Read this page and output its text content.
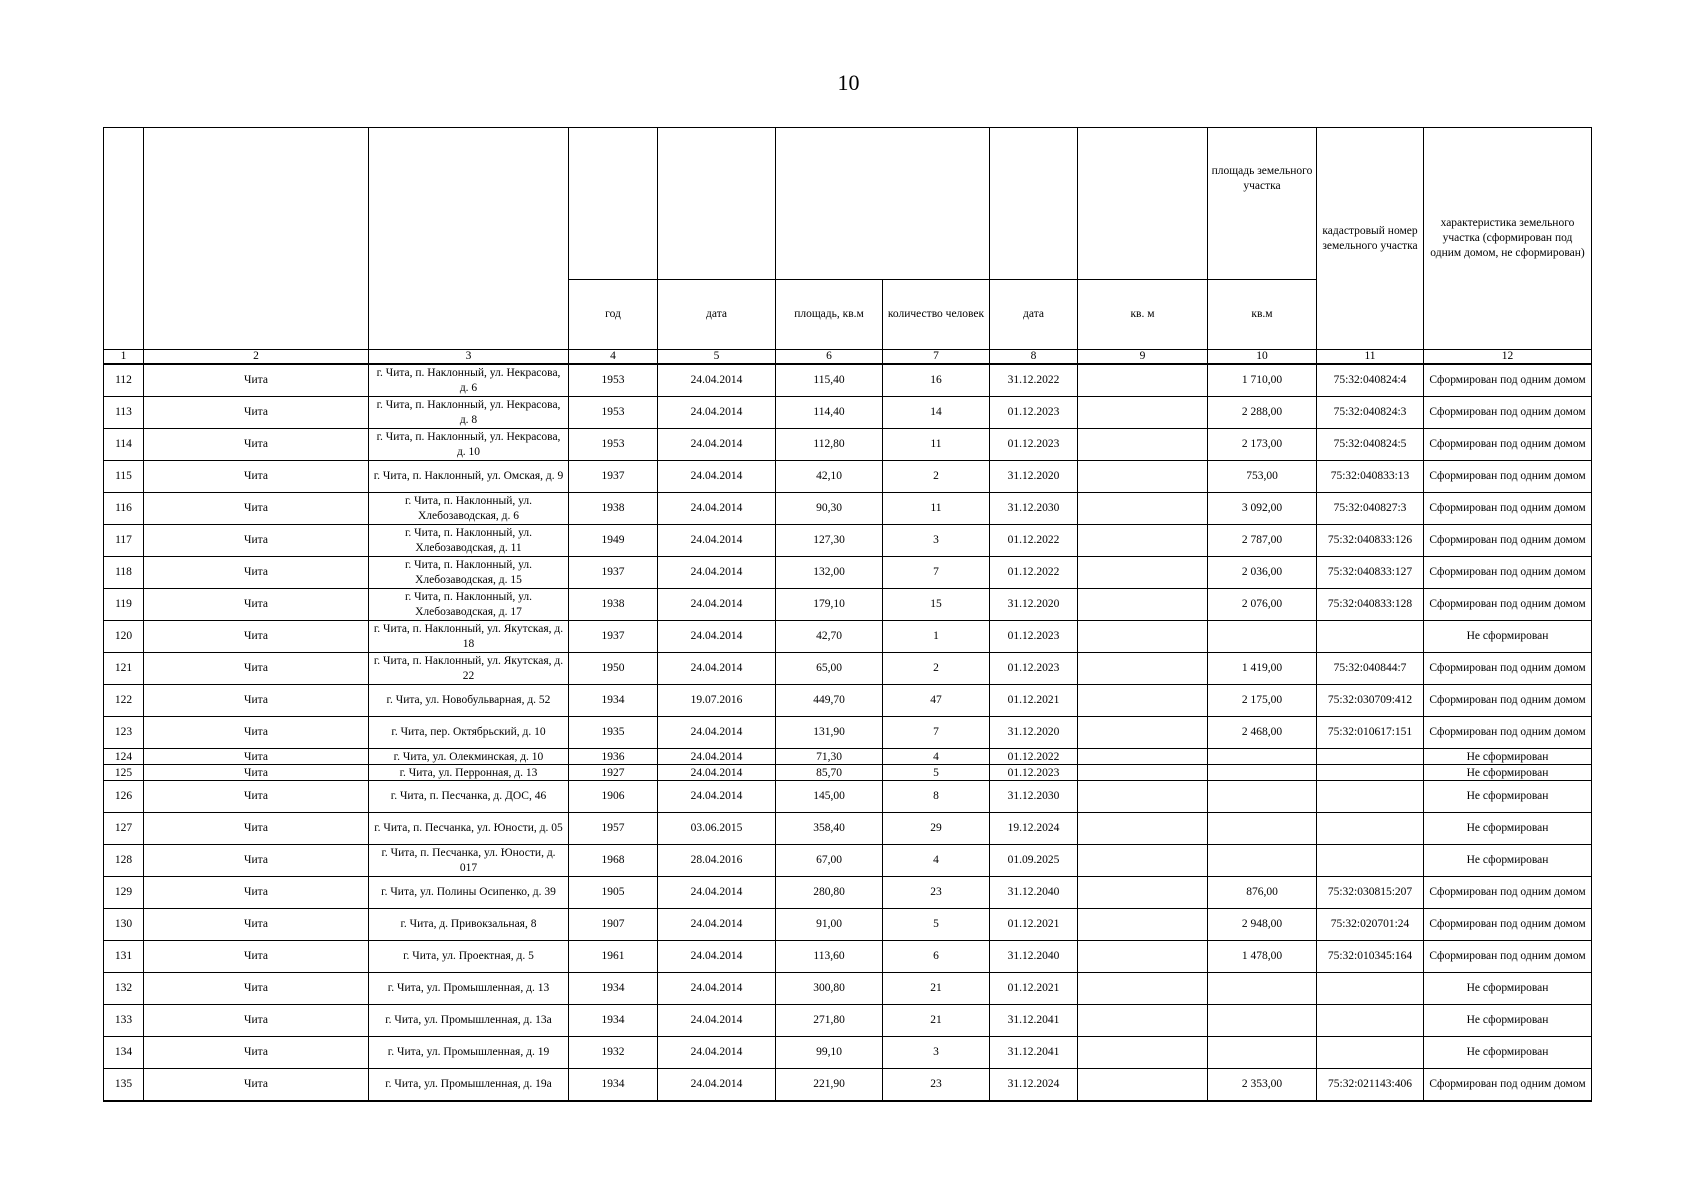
10
									площадь земельного участка	кадастровый номер земельного участка	характеристика земельного участка (сформирован под одним домом, не сформирован)
			год	дата	площадь, кв.м	количество человек	дата	кв. м	кв.м		
1	2	3	4	5	6	7	8	9	10	11	12
112	Чита	г. Чита, п. Наклонный, ул. Некрасова, д. 6	1953	24.04.2014	115,40	16	31.12.2022		1 710,00	75:32:040824:4	Сформирован под одним домом
113	Чита	г. Чита, п. Наклонный, ул. Некрасова, д. 8	1953	24.04.2014	114,40	14	01.12.2023		2 288,00	75:32:040824:3	Сформирован под одним домом
114	Чита	г. Чита, п. Наклонный, ул. Некрасова, д. 10	1953	24.04.2014	112,80	11	01.12.2023		2 173,00	75:32:040824:5	Сформирован под одним домом
115	Чита	г. Чита, п. Наклонный, ул. Омская, д. 9	1937	24.04.2014	42,10	2	31.12.2020		753,00	75:32:040833:13	Сформирован под одним домом
116	Чита	г. Чита, п. Наклонный, ул. Хлебозаводская, д. 6	1938	24.04.2014	90,30	11	31.12.2030		3 092,00	75:32:040827:3	Сформирован под одним домом
117	Чита	г. Чита, п. Наклонный, ул. Хлебозаводская, д. 11	1949	24.04.2014	127,30	3	01.12.2022		2 787,00	75:32:040833:126	Сформирован под одним домом
118	Чита	г. Чита, п. Наклонный, ул. Хлебозаводская, д. 15	1937	24.04.2014	132,00	7	01.12.2022		2 036,00	75:32:040833:127	Сформирован под одним домом
119	Чита	г. Чита, п. Наклонный, ул. Хлебозаводская, д. 17	1938	24.04.2014	179,10	15	31.12.2020		2 076,00	75:32:040833:128	Сформирован под одним домом
120	Чита	г. Чита, п. Наклонный, ул. Якутская, д. 18	1937	24.04.2014	42,70	1	01.12.2023				Не сформирован
121	Чита	г. Чита, п. Наклонный, ул. Якутская, д. 22	1950	24.04.2014	65,00	2	01.12.2023		1 419,00	75:32:040844:7	Сформирован под одним домом
122	Чита	г. Чита, ул. Новобульварная, д. 52	1934	19.07.2016	449,70	47	01.12.2021		2 175,00	75:32:030709:412	Сформирован под одним домом
123	Чита	г. Чита, пер. Октябрьский, д. 10	1935	24.04.2014	131,90	7	31.12.2020		2 468,00	75:32:010617:151	Сформирован под одним домом
124	Чита	г. Чита, ул. Олекминская, д. 10	1936	24.04.2014	71,30	4	01.12.2022				Не сформирован
125	Чита	г. Чита, ул. Перронная, д. 13	1927	24.04.2014	85,70	5	01.12.2023				Не сформирован
126	Чита	г. Чита, п. Песчанка, д. ДОС, 46	1906	24.04.2014	145,00	8	31.12.2030				Не сформирован
127	Чита	г. Чита, п. Песчанка, ул. Юности, д. 05	1957	03.06.2015	358,40	29	19.12.2024				Не сформирован
128	Чита	г. Чита, п. Песчанка, ул. Юности, д. 017	1968	28.04.2016	67,00	4	01.09.2025				Не сформирован
129	Чита	г. Чита, ул. Полины Осипенко, д. 39	1905	24.04.2014	280,80	23	31.12.2040		876,00	75:32:030815:207	Сформирован под одним домом
130	Чита	г. Чита, д. Привокзальная, 8	1907	24.04.2014	91,00	5	01.12.2021		2 948,00	75:32:020701:24	Сформирован под одним домом
131	Чита	г. Чита, ул. Проектная, д. 5	1961	24.04.2014	113,60	6	31.12.2040		1 478,00	75:32:010345:164	Сформирован под одним домом
132	Чита	г. Чита, ул. Промышленная, д. 13	1934	24.04.2014	300,80	21	01.12.2021				Не сформирован
133	Чита	г. Чита, ул. Промышленная, д. 13а	1934	24.04.2014	271,80	21	31.12.2041				Не сформирован
134	Чита	г. Чита, ул. Промышленная, д. 19	1932	24.04.2014	99,10	3	31.12.2041				Не сформирован
135	Чита	г. Чита, ул. Промышленная, д. 19а	1934	24.04.2014	221,90	23	31.12.2024		2 353,00	75:32:021143:406	Сформирован под одним домом
